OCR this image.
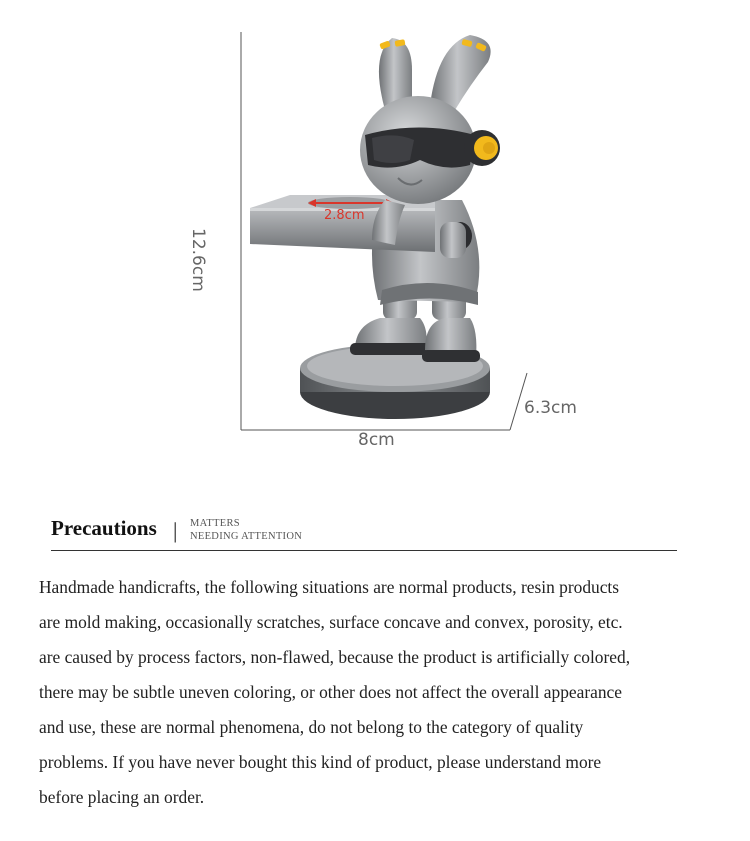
2.8cm
12.6cm
8cm
6.3cm
Precautions | MATTERS
NEEDING ATTENTION
Handmade handicrafts, the following situations are normal products, resin products
are mold making, occasionally scratches, surface concave and convex, porosity, etc.
are caused by process factors, non-flawed, because the product is artificially colored,
there may be subtle uneven coloring, or other does not affect the overall appearance
and use, these are normal phenomena, do not belong to the category of quality
problems. If you have never bought this kind of product, please understand more
before placing an order.
